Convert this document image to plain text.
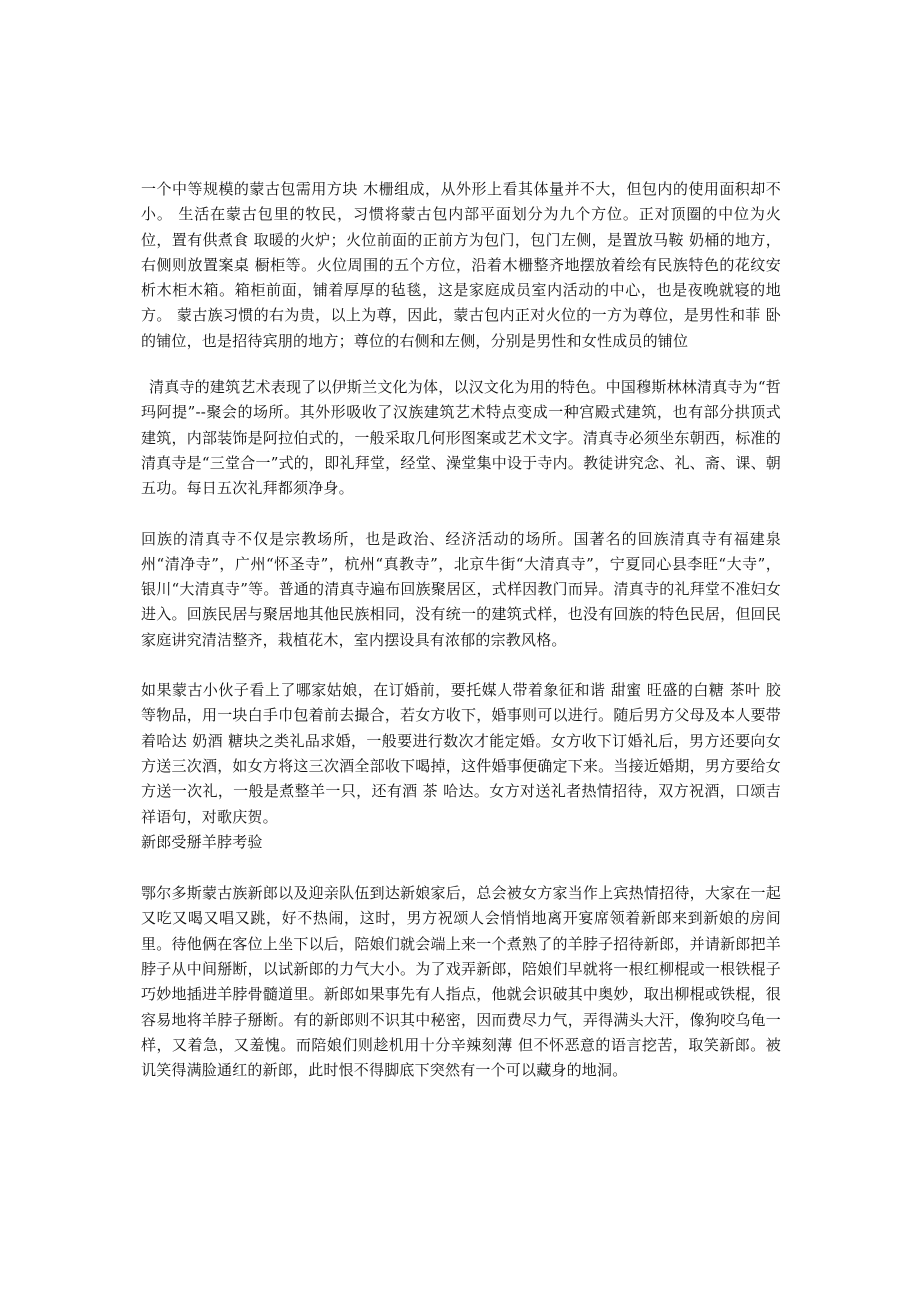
一个中等规模的蒙古包需用方块 木栅组成，从外形上看其体量并不大，但包内的使用面积却不小。 生活在蒙古包里的牧民，习惯将蒙古包内部平面划分为九个方位。正对顶圈的中位为火位，置有供煮食 取暖的火炉；火位前面的正前方为包门，包门左侧，是置放马鞍 奶桶的地方，右侧则放置案桌 橱柜等。火位周围的五个方位，沿着木栅整齐地摆放着绘有民族特色的花纹安析木柜木箱。箱柜前面，铺着厚厚的毡毯，这是家庭成员室内活动的中心，也是夜晚就寝的地方。 蒙古族习惯的右为贵，以上为尊，因此，蒙古包内正对火位的一方为尊位，是男性和菲 卧的铺位，也是招待宾朋的地方；尊位的右侧和左侧，分别是男性和女性成员的铺位

清真寺的建筑艺术表现了以伊斯兰文化为体，以汉文化为用的特色。中国穆斯林林清真寺为“哲玛阿提”--聚会的场所。其外形吸收了汉族建筑艺术特点变成一种宫殿式建筑，也有部分拱顶式建筑，内部装饰是阿拉伯式的，一般采取几何形图案或艺术文字。清真寺必须坐东朝西，标准的清真寺是“三堂合一”式的，即礼拜堂，经堂、澡堂集中设于寺内。教徒讲究念、礼、斋、课、朝五功。每日五次礼拜都须净身。

回族的清真寺不仅是宗教场所，也是政治、经济活动的场所。国著名的回族清真寺有福建泉州“清净寺”，广州“怀圣寺”，杭州“真教寺”，北京牛街“大清真寺”，宁夏同心县李旺“大寺”，银川“大清真寺”等。普通的清真寺遍布回族聚居区，式样因教门而异。清真寺的礼拜堂不准妇女进入。回族民居与聚居地其他民族相同，没有统一的建筑式样，也没有回族的特色民居，但回民家庭讲究清洁整齐，栽植花木，室内摆设具有浓郁的宗教风格。

如果蒙古小伙子看上了哪家姑娘，在订婚前，要托媒人带着象征和谐 甜蜜 旺盛的白糖 茶叶 胶等物品，用一块白手巾包着前去撮合，若女方收下，婚事则可以进行。随后男方父母及本人要带着哈达 奶酒 糖块之类礼品求婚，一般要进行数次才能定婚。女方收下订婚礼后，男方还要向女方送三次酒，如女方将这三次酒全部收下喝掉，这件婚事便确定下来。当接近婚期，男方要给女方送一次礼，一般是煮整羊一只，还有酒 茶 哈达。女方对送礼者热情招待，双方祝酒，口颂吉祥语句，对歌庆贺。

新郎受掰羊脖考验

鄂尔多斯蒙古族新郎以及迎亲队伍到达新娘家后，总会被女方家当作上宾热情招待，大家在一起又吃又喝又唱又跳，好不热闹，这时，男方祝颂人会悄悄地离开宴席领着新郎来到新娘的房间里。待他俩在客位上坐下以后，陪娘们就会端上来一个煮熟了的羊脖子招待新郎，并请新郎把羊脖子从中间掰断，以试新郎的力气大小。为了戏弄新郎，陪娘们早就将一根红柳棍或一根铁棍子巧妙地插进羊脖骨髓道里。新郎如果事先有人指点，他就会识破其中奥妙，取出柳棍或铁棍，很容易地将羊脖子掰断。有的新郎则不识其中秘密，因而费尽力气，弄得满头大汗，像狗咬乌龟一样，又着急，又羞愧。而陪娘们则趁机用十分辛辣刻薄 但不怀恶意的语言挖苦，取笑新郎。被讥笑得满脸通红的新郎，此时恨不得脚底下突然有一个可以藏身的地洞。
